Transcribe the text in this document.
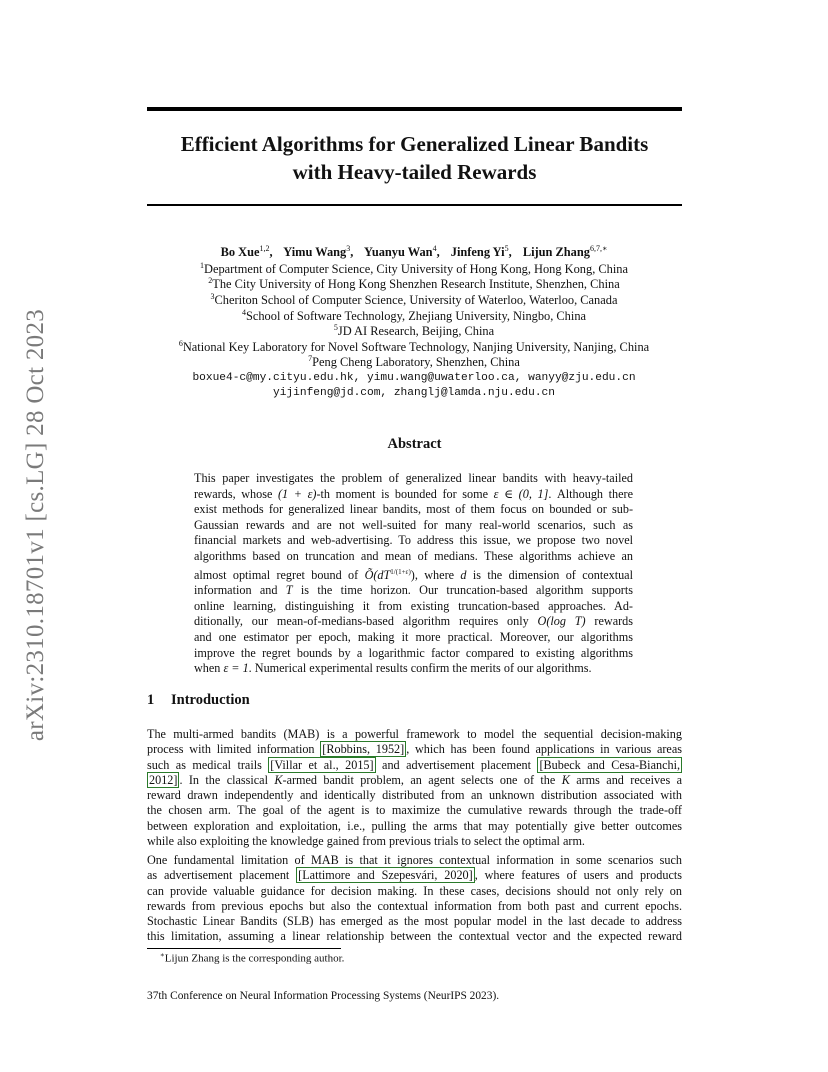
arXiv:2310.18701v1 [cs.LG] 28 Oct 2023
Efficient Algorithms for Generalized Linear Bandits
with Heavy-tailed Rewards
Bo Xue$^{1,2}$, Yimu Wang$^3$, Yuanyu Wan$^4$, Jinfeng Yi$^5$, Lijun Zhang$^{6,7,∗}$
$^1$Department of Computer Science, City University of Hong Kong, Hong Kong, China
$^2$The City University of Hong Kong Shenzhen Research Institute, Shenzhen, China
$^3$Cheriton School of Computer Science, University of Waterloo, Waterloo, Canada
$^4$School of Software Technology, Zhejiang University, Ningbo, China
$^5$JD AI Research, Beijing, China
$^6$National Key Laboratory for Novel Software Technology, Nanjing University, Nanjing, China
$^7$Peng Cheng Laboratory, Shenzhen, China
boxue4-c@my.cityu.edu.hk, yimu.wang@uwaterloo.ca, wanyy@zju.edu.cn
yijinfeng@jd.com, zhanglj@lamda.nju.edu.cn
Abstract
This paper investigates the problem of generalized linear bandits with heavy-tailed
rewards, whose (1 + ε)-th moment is bounded for some ε ∈ (0, 1]. Although there
exist methods for generalized linear bandits, most of them focus on bounded or sub-
Gaussian rewards and are not well-suited for many real-world scenarios, such as
financial markets and web-advertising. To address this issue, we propose two novel
algorithms based on truncation and mean of medians. These algorithms achieve an
almost optimal regret bound of $Õ(dT^{1/(1+\varepsilon)})$, where d is the dimension of contextual
information and T is the time horizon. Our truncation-based algorithm supports
online learning, distinguishing it from existing truncation-based approaches. Ad-
ditionally, our mean-of-medians-based algorithm requires only O(log T) rewards
and one estimator per epoch, making it more practical. Moreover, our algorithms
improve the regret bounds by a logarithmic factor compared to existing algorithms
when ε = 1. Numerical experimental results confirm the merits of our algorithms.
1 Introduction
The multi-armed bandits (MAB) is a powerful framework to model the sequential decision-making
process with limited information [Robbins, 1952] , which has been found applications in various areas
such as medical trails [Villar et al., 2015] and advertisement placement [Bubeck and Cesa-Bianchi,
2012] . In the classical K-armed bandit problem, an agent selects one of the K arms and receives a
reward drawn independently and identically distributed from an unknown distribution associated with
the chosen arm. The goal of the agent is to maximize the cumulative rewards through the trade-off
between exploration and exploitation, i.e., pulling the arms that may potentially give better outcomes
while also exploiting the knowledge gained from previous trials to select the optimal arm.
One fundamental limitation of MAB is that it ignores contextual information in some scenarios such
as advertisement placement [Lattimore and Szepesvári, 2020] , where features of users and products
can provide valuable guidance for decision making. In these cases, decisions should not only rely on
rewards from previous epochs but also the contextual information from both past and current epochs.
Stochastic Linear Bandits (SLB) has emerged as the most popular model in the last decade to address
this limitation, assuming a linear relationship between the contextual vector and the expected reward
∗Lijun Zhang is the corresponding author.
37th Conference on Neural Information Processing Systems (NeurIPS 2023).
